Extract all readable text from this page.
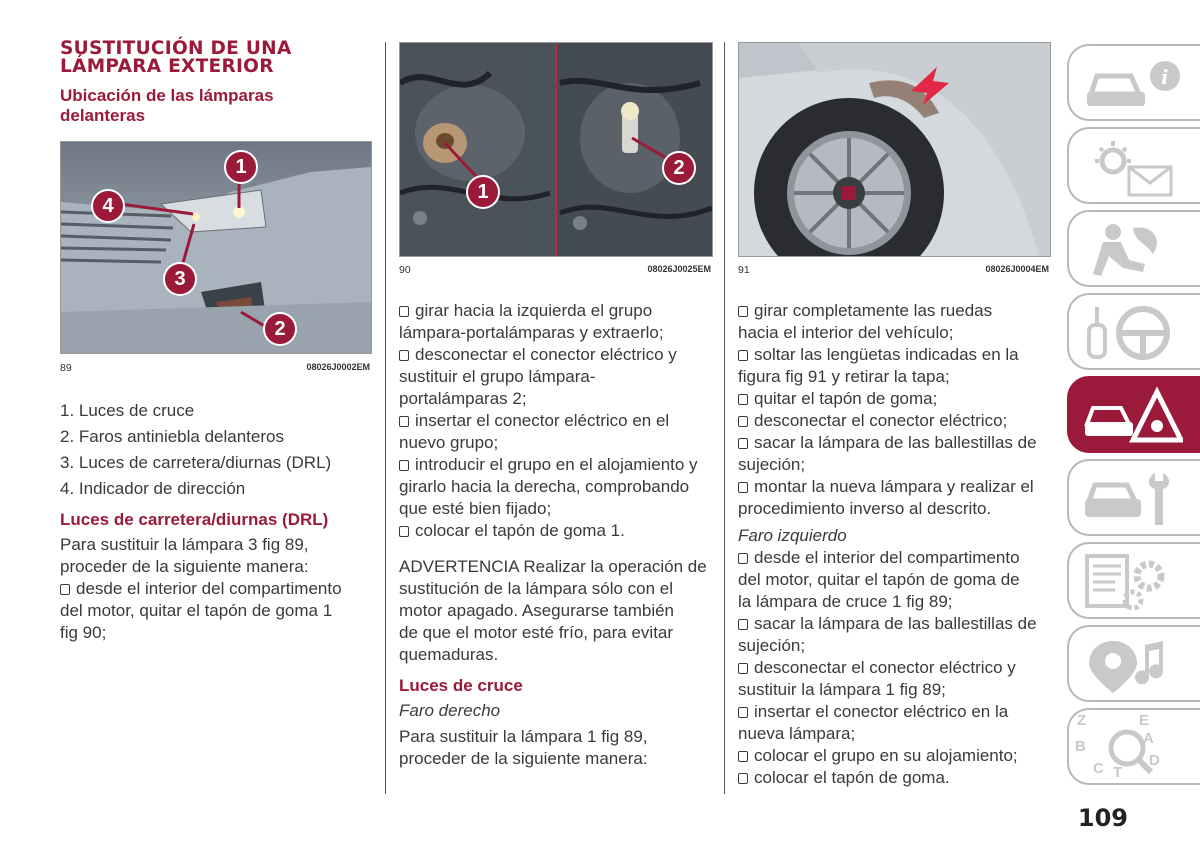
SUSTITUCIÓN DE UNA LÁMPARA EXTERIOR
Ubicación de las lámparas
delanteras
1
4
3
2
89	08026J0002EM

1. Luces de cruce

2. Faros antiniebla delanteros

3. Luces de carretera/diurnas (DRL)

4. Indicador de dirección

Luces de carretera/diurnas (DRL)
Para sustituir la lámpara 3 fig 89,
proceder de la siguiente manera:
desde el interior del compartimento
del motor, quitar el tapón de goma 1
fig 90;
1
2
90	08026J0025EM
girar hacia la izquierda el grupo
lámpara-portalámparas y extraerlo;
desconectar el conector eléctrico y
sustituir el grupo lámpara-
portalámparas 2;
insertar el conector eléctrico en el
nuevo grupo;
introducir el grupo en el alojamiento y
girarlo hacia la derecha, comprobando
que esté bien fijado;
colocar el tapón de goma 1.
ADVERTENCIA Realizar la operación de
sustitución de la lámpara sólo con el
motor apagado. Asegurarse también
de que el motor esté frío, para evitar
quemaduras.
Luces de cruce
Faro derecho
Para sustituir la lámpara 1 fig 89,
proceder de la siguiente manera:
91	08026J0004EM
girar completamente las ruedas
hacia el interior del vehículo;
soltar las lengüetas indicadas en la
figura fig 91 y retirar la tapa;
quitar el tapón de goma;
desconectar el conector eléctrico;
sacar la lámpara de las ballestillas de
sujeción;
montar la nueva lámpara y realizar el
procedimiento inverso al descrito.
Faro izquierdo
desde el interior del compartimento
del motor, quitar el tapón de goma de
la lámpara de cruce 1 fig 89;
sacar la lámpara de las ballestillas de
sujeción;
desconectar el conector eléctrico y
sustituir la lámpara 1 fig 89;
insertar el conector eléctrico en la
nueva lámpara;
colocar el grupo en su alojamiento;
colocar el tapón de goma.
i
Z	E
B	A
C T
D
109
